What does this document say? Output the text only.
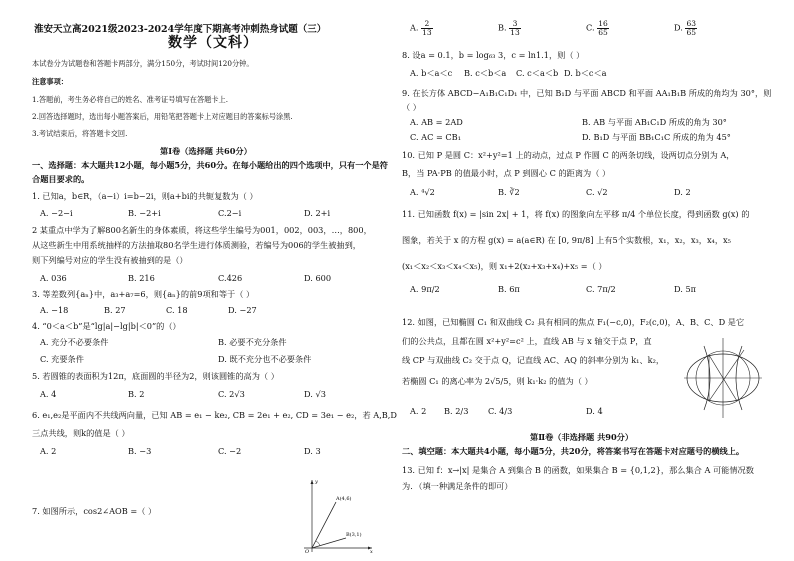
淮安天立高2021级2023-2024学年度下期高考冲刺热身试题（三）
数学（文科）
本试卷分为试题卷和答题卡两部分，满分150分，考试时间120分钟。
注意事项：
1.答题前，考生务必将自己的姓名、准考证号填写在答题卡上.
2.回答选择题时，选出每小题答案后，用铅笔把答题卡上对应题目的答案标号涂黑.
3.考试结束后，将答题卡交回.
第Ⅰ卷（选择题 共60分）
一、选择题：本大题共12小题，每小题5分，共60分。在每小题给出的四个选项中，只有一个是符
合题目要求的。
1. 已知a，b∈R，（a−i）i=b−2i，则a+bi的共轭复数为（ ）
A. −2−i	B. −2+i	C.2−i	D. 2+i
2 某重点中学为了解800名新生的身体素质，将这些学生编号为001，002，003，…，800，
从这些新生中用系统抽样的方法抽取80名学生进行体质测验，若编号为006的学生被抽到，
则下列编号对应的学生没有被抽到的是（）
A. 036	B. 216	C.426	D. 600
3. 等差数列{aₙ}中，a₃+a₇=6，则{aₙ}的前9项和等于（ ）
A. −18	B. 27	C. 18	D. −27
4. “0＜a＜b”是“lg|a|−lg|b|＜0”的（）
A. 充分不必要条件	B. 必要不充分条件
C. 充要条件	D. 既不充分也不必要条件
5. 若圆锥的表面积为12π，底面圆的半径为2，则该圆锥的高为（ ）
A. 4	B. 2	C. 2√3	D. √3
6. e₁,e₂是平面内不共线两向量，已知 AB = e₁ − ke₂, CB = 2e₁ + e₂, CD = 3e₁ − e₂，若 A,B,D
三点共线，则k的值是（ ）
A. 2	B. −3	C. −2	D. 3
7. 如图所示，cos2∠AOB =（ ）
A(4,6)
B(3,1)
O	x
y
A. $\frac{2}{13}$	B. $\frac{3}{13}$	C. $\frac{16}{65}$	D. $\frac{63}{65}$
8. 设a = 0.1，b = log₆₃ 3，c = ln1.1，则（ ）
A. b＜a＜c B. c＜b＜a C. c＜a＜b D. b＜c＜a
9. 在长方体 ABCD−A₁B₁C₁D₁ 中，已知 B₁D 与平面 ABCD 和平面 AA₁B₁B 所成的角均为 30°，则
（ ）
A. AB = 2AD	B. AB 与平面 AB₁C₁D 所成的角为 30°
C. AC = CB₁	D. B₁D 与平面 BB₁C₁C 所成的角为 45°
10. 已知 P 是圆 C：x²+y²=1 上的动点，过点 P 作圆 C 的两条切线，设两切点分别为 A，
B，当 PA·PB 的值最小时，点 P 到圆心 C 的距离为（ ）
A. ⁴√2	B. ∛2	C. √2	D. 2
11. 已知函数 f(x) = |sin 2x| + 1，将 f(x) 的图象向左平移 π/4 个单位长度，得到函数 g(x) 的
图象，若关于 x 的方程 g(x) = a(a∈R) 在 [0, 9π/8] 上有5个实数根，x₁，x₂，x₃，x₄，x₅
(x₁＜x₂＜x₃＜x₄＜x₅)，则 x₁+2(x₂+x₃+x₄)+x₅ =（ ）
A. 9π/2	B. 6π	C. 7π/2	D. 5π
12. 如图，已知椭圆 C₁ 和双曲线 C₂ 具有相同的焦点 F₁(−c,0)，F₂(c,0)，A、B、C、D 是它
们的公共点，且都在圆 x²+y²=c² 上，直线 AB 与 x 轴交于点 P，直
线 CP 与双曲线 C₂ 交于点 Q，记直线 AC、AQ 的斜率分别为 k₁、k₂，
若椭圆 C₁ 的离心率为 2√5/5，则 k₁·k₂ 的值为（ ）
A. 2 B. 2/3 C. 4/3	D. 4
第Ⅱ卷（非选择题 共90分）
二、填空题：本大题共4小题，每小题5分，共20分，将答案书写在答题卡对应题号的横线上。
13. 已知 f：x→|x| 是集合 A 到集合 B 的函数，如果集合 B = {0,1,2}，那么集合 A 可能情况数
为．（填一种满足条件的即可）
